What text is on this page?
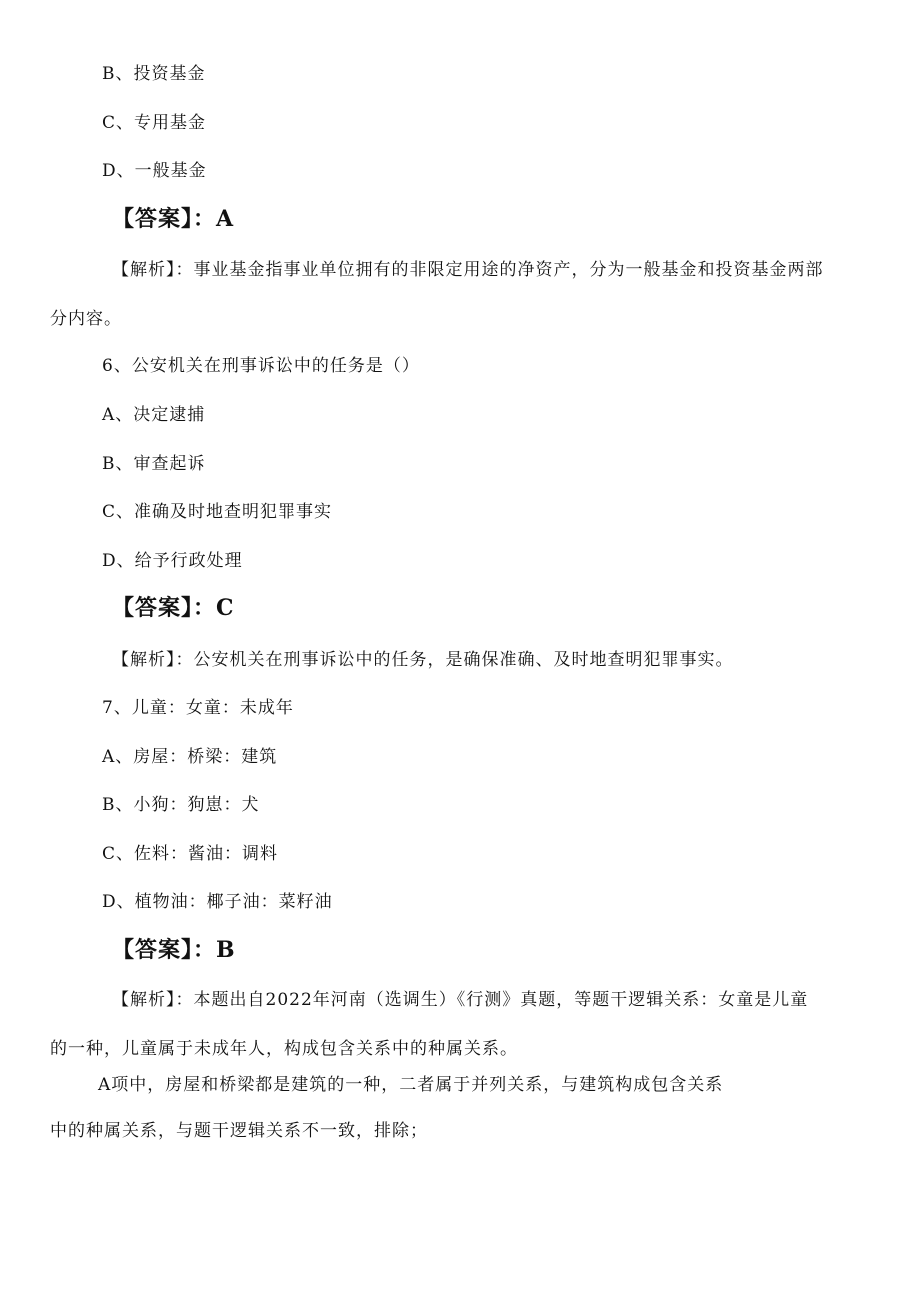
B、投资基金
C、专用基金
D、一般基金
【答案】：A
【解析】：事业基金指事业单位拥有的非限定用途的净资产，分为一般基金和投资基金两部
分内容。
6、公安机关在刑事诉讼中的任务是（）
A、决定逮捕
B、审查起诉
C、准确及时地查明犯罪事实
D、给予行政处理
【答案】：C
【解析】：公安机关在刑事诉讼中的任务，是确保准确、及时地查明犯罪事实。
7、儿童：女童：未成年
A、房屋：桥梁：建筑
B、小狗：狗崽：犬
C、佐料：酱油：调料
D、植物油：椰子油：菜籽油
【答案】：B
【解析】：本题出自2022年河南（选调生）《行测》真题，等题干逻辑关系：女童是儿童
的一种，儿童属于未成年人，构成包含关系中的种属关系。
A项中，房屋和桥梁都是建筑的一种，二者属于并列关系，与建筑构成包含关系
中的种属关系，与题干逻辑关系不一致，排除；
